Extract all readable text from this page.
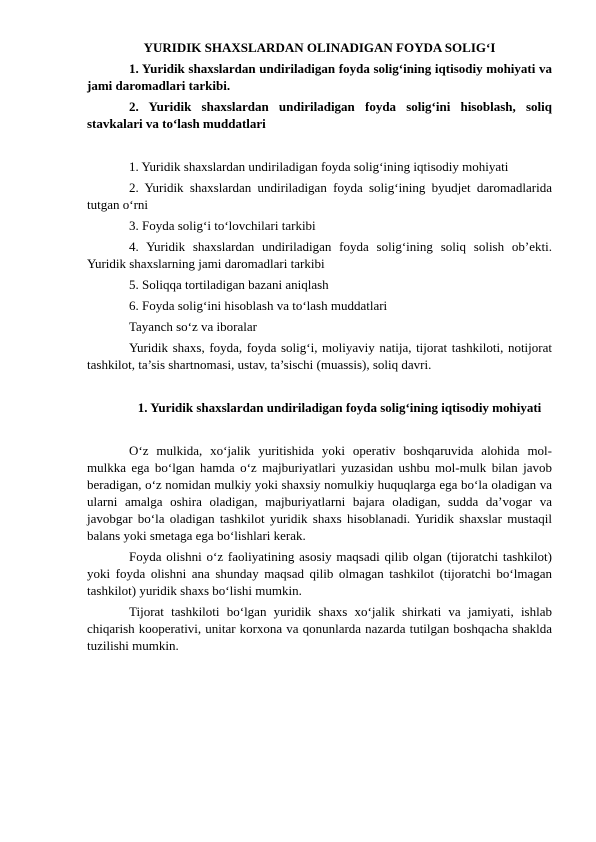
YURIDIK SHAXSLARDAN OLINADIGAN FOYDA SOLIG‘I
1. Yuridik shaxslardan undiriladigan foyda solig‘ining iqtisodiy mohiyati va jami daromadlari tarkibi.
2. Yuridik shaxslardan undiriladigan foyda solig‘ini hisoblash, soliq stavkalari va to‘lash muddatlari
1. Yuridik shaxslardan undiriladigan foyda solig‘ining iqtisodiy mohiyati
2. Yuridik shaxslardan undiriladigan foyda solig‘ining byudjet daromadlarida tutgan o‘rni
3. Foyda solig‘i to‘lovchilari tarkibi
4. Yuridik shaxslardan undiriladigan foyda solig‘ining soliq solish ob’ekti. Yuridik shaxslarning jami daromadlari tarkibi
5. Soliqqa tortiladigan bazani aniqlash
6. Foyda solig‘ini hisoblash va to‘lash muddatlari
Tayanch so‘z va iboralar
Yuridik shaxs, foyda, foyda solig‘i, moliyaviy natija, tijorat tashkiloti, notijorat tashkilot, ta’sis shartnomasi, ustav, ta’sischi (muassis), soliq davri.
1. Yuridik shaxslardan undiriladigan foyda solig‘ining iqtisodiy mohiyati
O‘z mulkida, xo‘jalik yuritishida yoki operativ boshqaruvida alohida mol-mulkka ega bo‘lgan hamda o‘z majburiyatlari yuzasidan ushbu mol-mulk bilan javob beradigan, o‘z nomidan mulkiy yoki shaxsiy nomulkiy huquqlarga ega bo‘la oladigan va ularni amalga oshira oladigan, majburiyatlarni bajara oladigan, sudda da’vogar va javobgar bo‘la oladigan tashkilot yuridik shaxs hisoblanadi. Yuridik shaxslar mustaqil balans yoki smetaga ega bo‘lishlari kerak.
Foyda olishni o‘z faoliyatining asosiy maqsadi qilib olgan (tijoratchi tashkilot) yoki foyda olishni ana shunday maqsad qilib olmagan tashkilot (tijoratchi bo‘lmagan tashkilot) yuridik shaxs bo‘lishi mumkin.
Tijorat tashkiloti bo‘lgan yuridik shaxs xo‘jalik shirkati va jamiyati, ishlab chiqarish kooperativi, unitar korxona va qonunlarda nazarda tutilgan boshqacha shaklda tuzilishi mumkin.
